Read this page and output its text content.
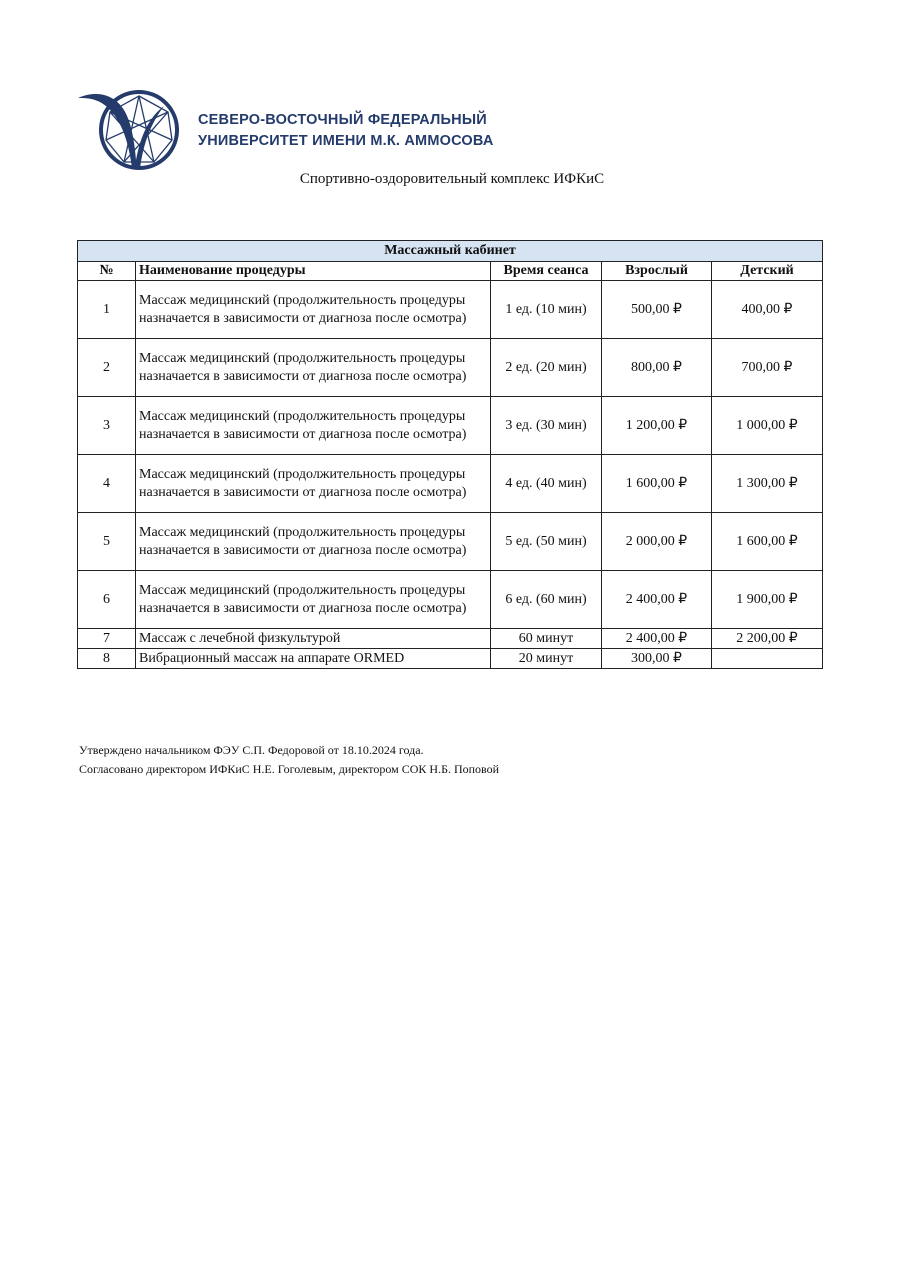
СЕВЕРО-ВОСТОЧНЫЙ ФЕДЕРАЛЬНЫЙ
УНИВЕРСИТЕТ ИМЕНИ М.К. АММОСОВА
Спортивно-оздоровительный комплекс ИФКиС
Массажный кабинет				
№	Наименование процедуры	Время сеанса	Взрослый	Детский
1	Массаж медицинский (продолжительность процедуры назначается в зависимости от диагноза после осмотра)	1 ед. (10 мин)	500,00 ₽	400,00 ₽
2	Массаж медицинский (продолжительность процедуры назначается в зависимости от диагноза после осмотра)	2 ед. (20 мин)	800,00 ₽	700,00 ₽
3	Массаж медицинский (продолжительность процедуры назначается в зависимости от диагноза после осмотра)	3 ед. (30 мин)	1 200,00 ₽	1 000,00 ₽
4	Массаж медицинский (продолжительность процедуры назначается в зависимости от диагноза после осмотра)	4 ед. (40 мин)	1 600,00 ₽	1 300,00 ₽
5	Массаж медицинский (продолжительность процедуры назначается в зависимости от диагноза после осмотра)	5 ед. (50 мин)	2 000,00 ₽	1 600,00 ₽
6	Массаж медицинский (продолжительность процедуры назначается в зависимости от диагноза после осмотра)	6 ед. (60 мин)	2 400,00 ₽	1 900,00 ₽
7	Массаж с лечебной физкультурой	60 минут	2 400,00 ₽	2 200,00 ₽
8	Вибрационный массаж на аппарате ORMED	20 минут	300,00 ₽	
Утверждено начальником ФЭУ С.П. Федоровой от 18.10.2024 года.
Согласовано директором ИФКиС Н.Е. Гоголевым, директором СОК Н.Б. Поповой
